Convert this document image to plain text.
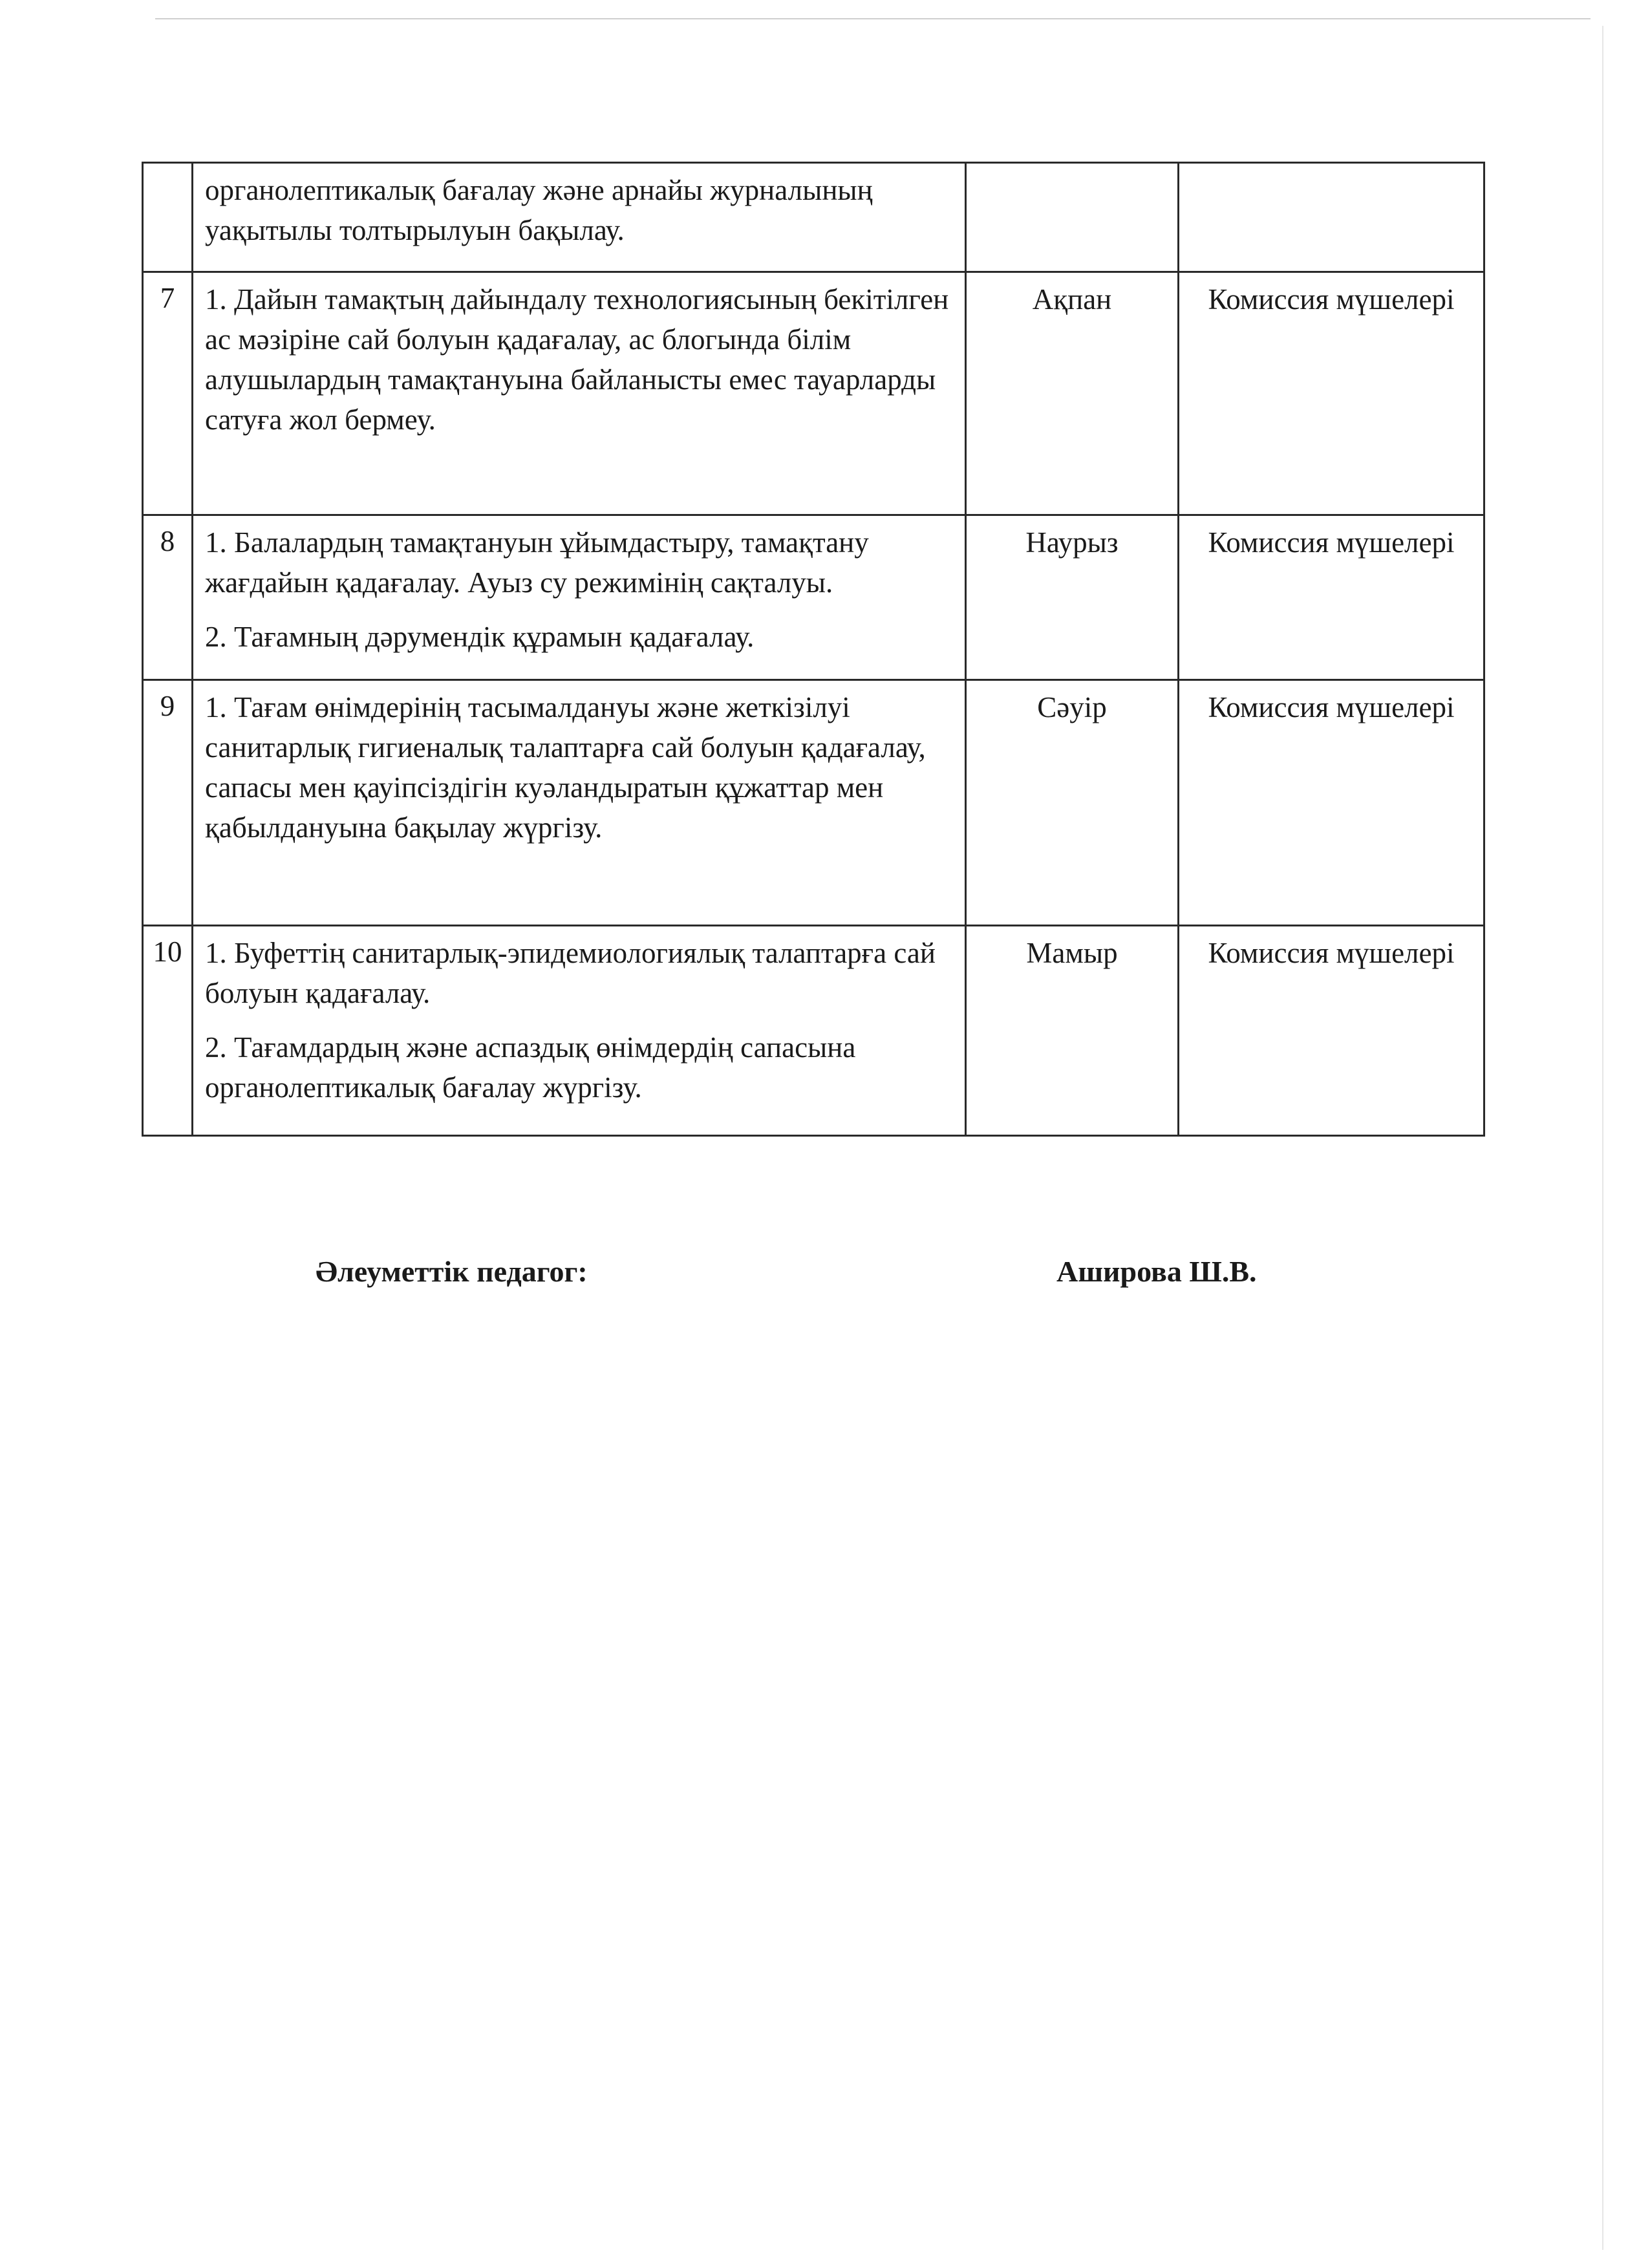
	органолептикалық бағалау және арнайы журналының уақытылы толтырылуын бақылау.		

7	1. Дайын тамақтың дайындалу технологиясының бекітілген ас мәзіріне сай болуын қадағалау, ас блогында білім алушылардың тамақтануына байланысты емес тауарларды сатуға жол бермеу.	Ақпан	Комиссия мүшелері
8	1. Балалардың тамақтануын ұйымдастыру, тамақтану жағдайын қадағалау. Ауыз су режимінің сақталуы.

2. Тағамның дәрумендік құрамын қадағалау.	Наурыз	Комиссия мүшелері
9	1. Тағам өнімдерінің тасымалдануы және жеткізілуі санитарлық гигиеналық талаптарға сай болуын қадағалау, сапасы мен қауіпсіздігін куәландыратын құжаттар мен қабылдануына бақылау жүргізу.	Сәуір	Комиссия мүшелері
10	1. Буфеттің санитарлық-эпидемиологиялық талаптарға сай болуын қадағалау.

2. Тағамдардың және аспаздық өнімдердің сапасына органолептикалық бағалау жүргізу.	Мамыр	Комиссия мүшелері
Әлеуметтік педагог:	Аширова Ш.В.
